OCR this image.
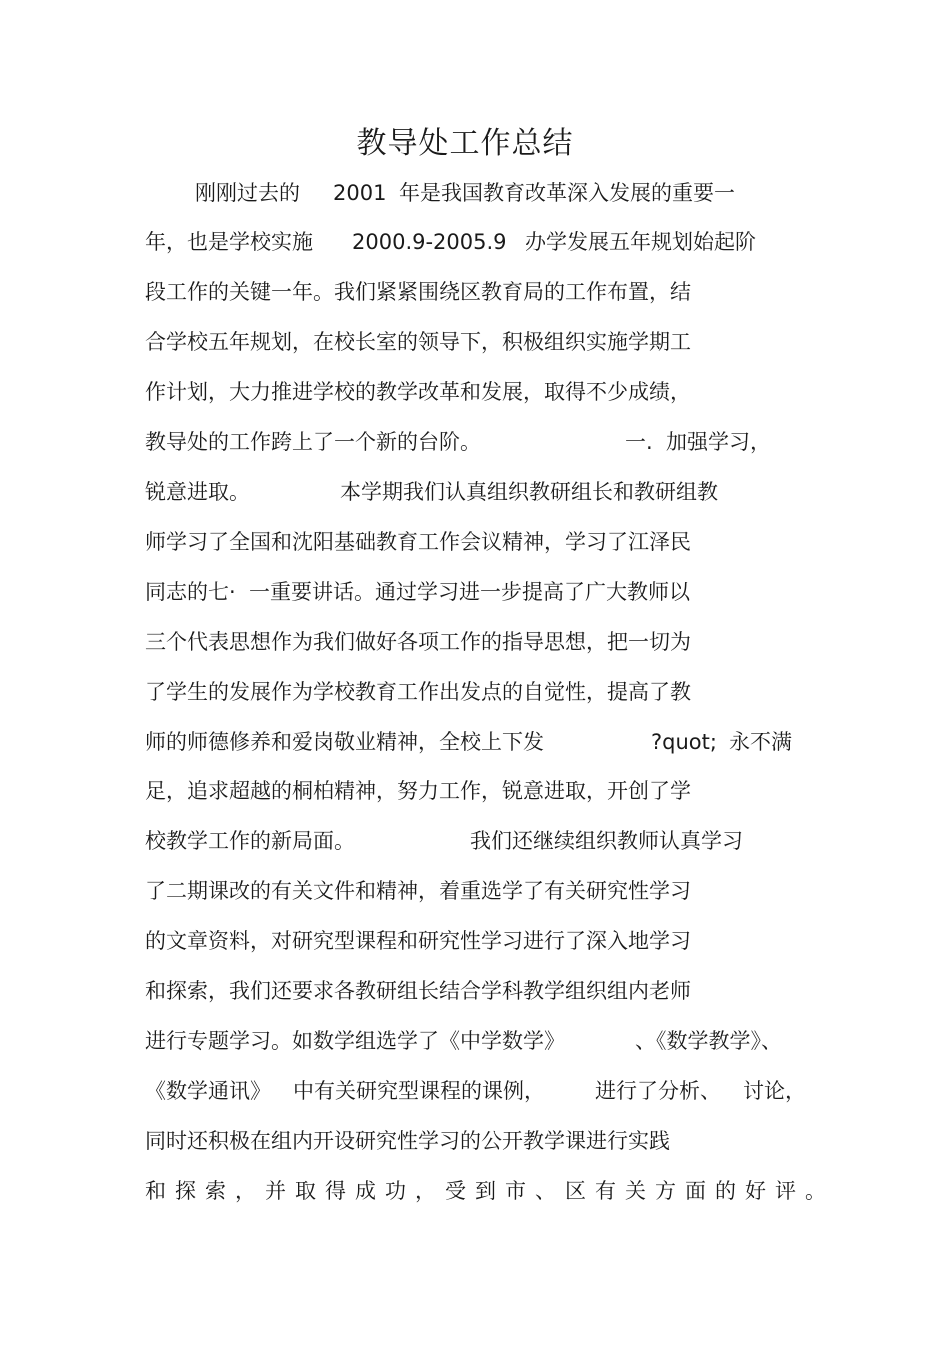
教导处工作总结

刚刚过去的

2001

年是我国教育改革深入发展的重要一

年，也是学校实施

2000.9-2005.9

办学发展五年规划始起阶

段工作的关键一年。我们紧紧围绕区教育局的工作布置，结

合学校五年规划，在校长室的领导下，积极组织实施学期工

作计划，大力推进学校的教学改革和发展，取得不少成绩，

教导处的工作跨上了一个新的台阶。

	一.  加强学习，

锐意进取。

	本学期我们认真组织教研组长和教研组教

师学习了全国和沈阳基础教育工作会议精神，学习了江泽民

同志的七·  一重要讲话。通过学习进一步提高了广大教师以

三个代表思想作为我们做好各项工作的指导思想，把一切为

了学生的发展作为学校教育工作出发点的自觉性，提高了教

师的师德修养和爱岗敬业精神，全校上下发

	?quot;

永不满

足，追求超越的桐柏精神，努力工作，锐意进取，开创了学

校教学工作的新局面。

	我们还继续组织教师认真学习

了二期课改的有关文件和精神，着重选学了有关研究性学习

的文章资料，对研究型课程和研究性学习进行了深入地学习

和探索，我们还要求各教研组长结合学科教学组织组内老师

进行专题学习。如数学组选学了《中学数学》

	、《数学教学》、

《数学通讯》

中有关研究型课程的课例，

进行了分析、

讨论，

同时还积极在组内开设研究性学习的公开教学课进行实践

和探索，并取得成功，受到市、区有关方面的好评。
